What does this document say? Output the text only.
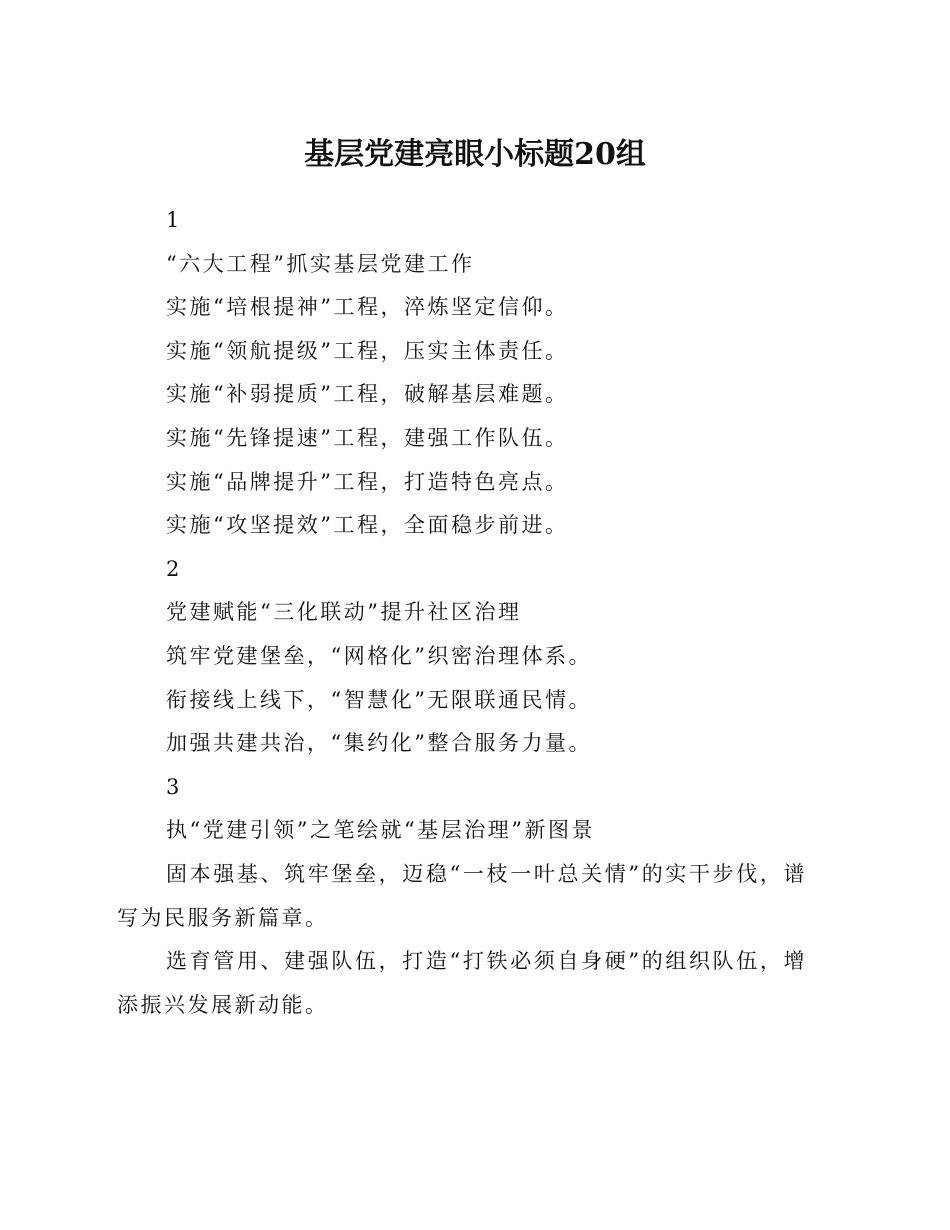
基层党建亮眼小标题20组
1
“六大工程”抓实基层党建工作
实施“培根提神”工程，淬炼坚定信仰。
实施“领航提级”工程，压实主体责任。
实施“补弱提质”工程，破解基层难题。
实施“先锋提速”工程，建强工作队伍。
实施“品牌提升”工程，打造特色亮点。
实施“攻坚提效”工程，全面稳步前进。
2
党建赋能“三化联动”提升社区治理
筑牢党建堡垒，“网格化”织密治理体系。
衔接线上线下，“智慧化”无限联通民情。
加强共建共治，“集约化”整合服务力量。
3
执“党建引领”之笔绘就“基层治理”新图景

固本强基、筑牢堡垒，迈稳“一枝一叶总关情”的实干步伐，谱写为民服务新篇章。

选育管用、建强队伍，打造“打铁必须自身硬”的组织队伍，增添振兴发展新动能。
